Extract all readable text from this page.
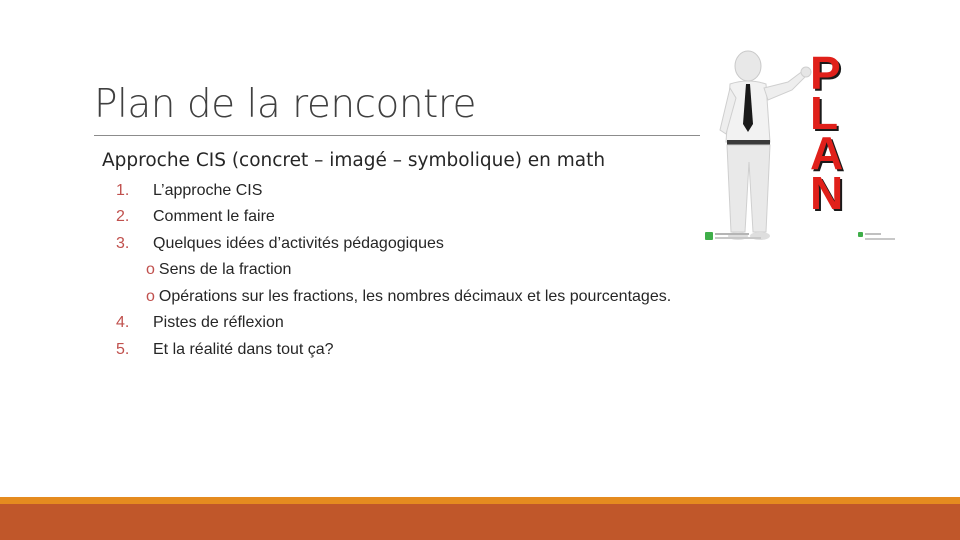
Plan de la rencontre
Approche CIS (concret – imagé – symbolique) en math
1.	L’approche CIS
2.	Comment le faire
3.	Quelques idées d’activités pédagogiques
o Sens de la fraction
o Opérations sur les fractions, les nombres décimaux et les pourcentages.
4.	Pistes de réflexion
5.	Et la réalité dans tout ça?
P
L
A
N
